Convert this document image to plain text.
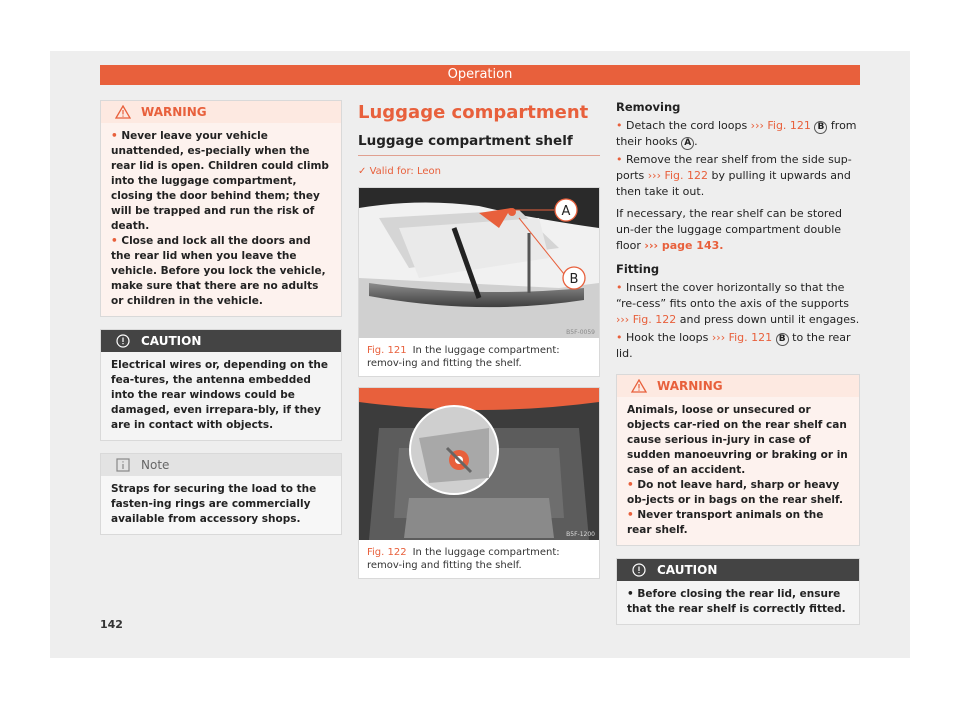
Operation
WARNING
• Never leave your vehicle unattended, es-pecially when the rear lid is open. Children could climb into the luggage compartment, closing the door behind them; they will be trapped and run the risk of death.
• Close and lock all the doors and the rear lid when you leave the vehicle. Before you lock the vehicle, make sure that there are no adults or children in the vehicle.
CAUTION
Electrical wires or, depending on the fea-tures, the antenna embedded into the rear windows could be damaged, even irrepara-bly, if they are in contact with objects.
Note
Straps for securing the load to the fasten-ing rings are commercially available from accessory shops.
Luggage compartment
Luggage compartment shelf
✓ Valid for: Leon
A
B
B5F-0059
Fig. 121 In the luggage compartment: remov-ing and fitting the shelf.
B5F-1200
Fig. 122 In the luggage compartment: remov-ing and fitting the shelf.
Removing
• Detach the cord loops ››› Fig. 121 B from their hooks A .
• Remove the rear shelf from the side sup-ports ››› Fig. 122 by pulling it upwards and then take it out.
If necessary, the rear shelf can be stored un-der the luggage compartment double floor ››› page 143.
Fitting
• Insert the cover horizontally so that the “re-cess” fits onto the axis of the supports ››› Fig. 122 and press down until it engages.
• Hook the loops ››› Fig. 121 B to the rear lid.
WARNING
Animals, loose or unsecured or objects car-ried on the rear shelf can cause serious in-jury in case of sudden manoeuvring or braking or in case of an accident.
• Do not leave hard, sharp or heavy ob-jects or in bags on the rear shelf.
• Never transport animals on the rear shelf.
CAUTION
• Before closing the rear lid, ensure that the rear shelf is correctly fitted.
142
